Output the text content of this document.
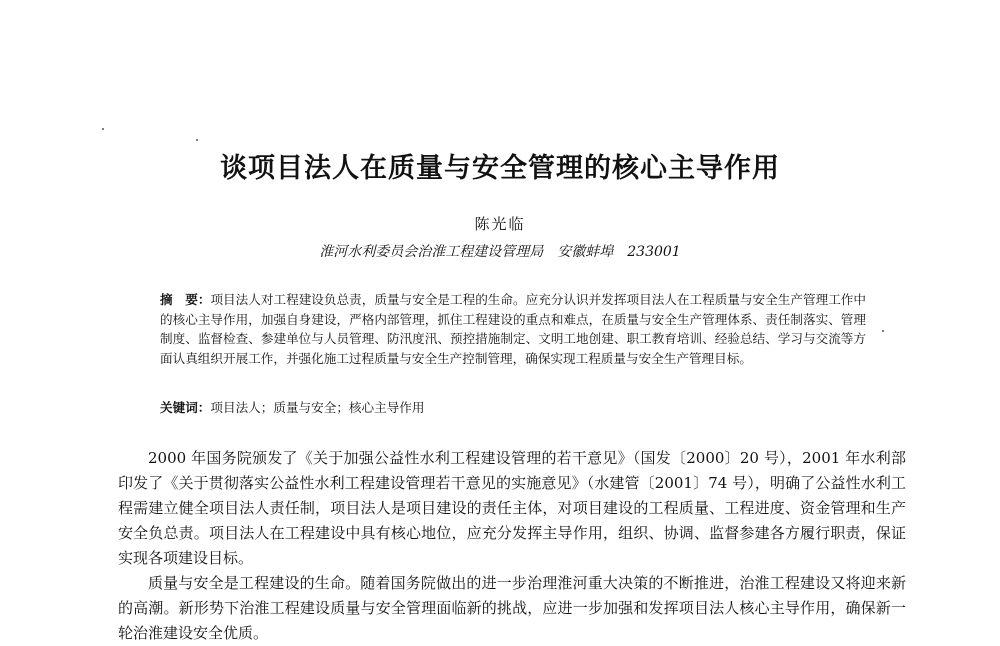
谈项目法人在质量与安全管理的核心主导作用
陈光临
淮河水利委员会治淮工程建设管理局　安徽蚌埠　233001
摘　要：项目法人对工程建设负总责，质量与安全是工程的生命。应充分认识并发挥项目法人在工程质量与安全生产管理工作中的核心主导作用，加强自身建设，严格内部管理，抓住工程建设的重点和难点，在质量与安全生产管理体系、责任制落实、管理制度、监督检查、参建单位与人员管理、防汛度汛、预控措施制定、文明工地创建、职工教育培训、经验总结、学习与交流等方面认真组织开展工作，并强化施工过程质量与安全生产控制管理，确保实现工程质量与安全生产管理目标。
关键词：项目法人；质量与安全；核心主导作用

2000 年国务院颁发了《关于加强公益性水利工程建设管理的若干意见》（国发〔2000〕20 号），2001 年水利部印发了《关于贯彻落实公益性水利工程建设管理若干意见的实施意见》（水建管〔2001〕74 号），明确了公益性水利工程需建立健全项目法人责任制，项目法人是项目建设的责任主体，对项目建设的工程质量、工程进度、资金管理和生产安全负总责。项目法人在工程建设中具有核心地位，应充分发挥主导作用，组织、协调、监督参建各方履行职责，保证实现各项建设目标。

质量与安全是工程建设的生命。随着国务院做出的进一步治理淮河重大决策的不断推进，治淮工程建设又将迎来新的高潮。新形势下治淮工程建设质量与安全管理面临新的挑战，应进一步加强和发挥项目法人核心主导作用，确保新一轮治淮建设安全优质。
